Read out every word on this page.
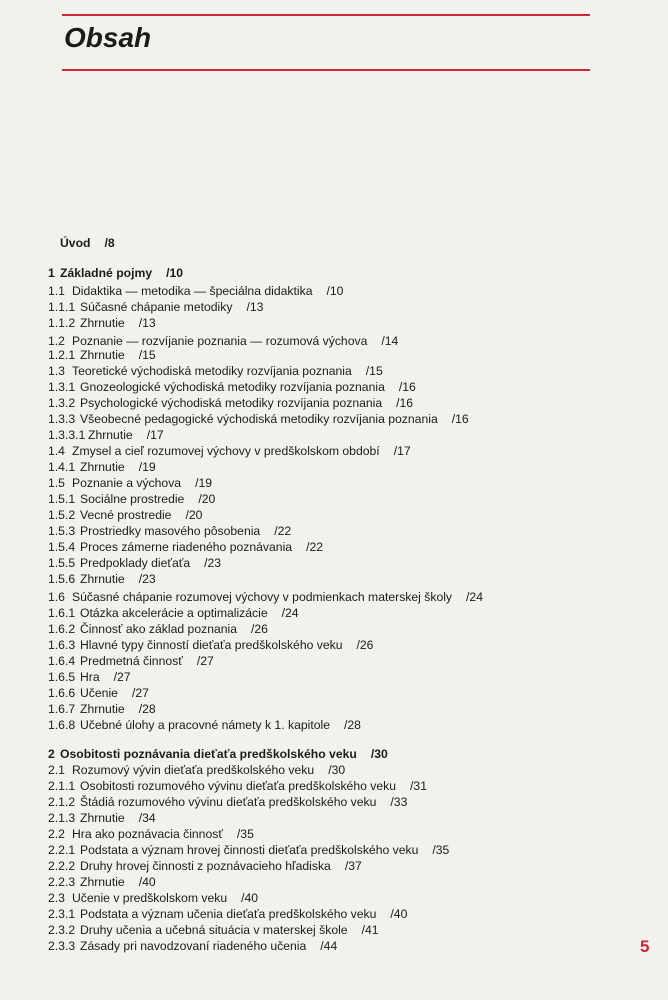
Obsah
Úvod /8
1 Základné pojmy /10
1.1 Didaktika — metodika — špeciálna didaktika /10
1.1.1 Súčasné chápanie metodiky /13
1.1.2 Zhrnutie /13
1.2 Poznanie — rozvíjanie poznania — rozumová výchova /14
1.2.1 Zhrnutie /15
1.3 Teoretické východiská metodiky rozvíjania poznania /15
1.3.1 Gnozeologické východiská metodiky rozvíjania poznania /16
1.3.2 Psychologické východiská metodiky rozvíjania poznania /16
1.3.3 Všeobecné pedagogické východiská metodiky rozvíjania poznania /16
1.3.3.1 Zhrnutie /17
1.4 Zmysel a cieľ rozumovej výchovy v predškolskom období /17
1.4.1 Zhrnutie /19
1.5 Poznanie a výchova /19
1.5.1 Sociálne prostredie /20
1.5.2 Vecné prostredie /20
1.5.3 Prostriedky masového pôsobenia /22
1.5.4 Proces zámerne riadeného poznávania /22
1.5.5 Predpoklady dieťaťa /23
1.5.6 Zhrnutie /23
1.6 Súčasné chápanie rozumovej výchovy v podmienkach materskej školy /24
1.6.1 Otázka akcelerácie a optimalizácie /24
1.6.2 Činnosť ako základ poznania /26
1.6.3 Hlavné typy činností dieťaťa predškolského veku /26
1.6.4 Predmetná činnosť /27
1.6.5 Hra /27
1.6.6 Učenie /27
1.6.7 Zhrnutie /28
1.6.8 Učebné úlohy a pracovné námety k 1. kapitole /28
2 Osobitosti poznávania dieťaťa predškolského veku /30
2.1 Rozumový vývin dieťaťa predškolského veku /30
2.1.1 Osobitosti rozumového vývinu dieťaťa predškolského veku /31
2.1.2 Štádiá rozumového vývinu dieťaťa predškolského veku /33
2.1.3 Zhrnutie /34
2.2 Hra ako poznávacia činnosť /35
2.2.1 Podstata a význam hrovej činnosti dieťaťa predškolského veku /35
2.2.2 Druhy hrovej činnosti z poznávacieho hľadiska /37
2.2.3 Zhrnutie /40
2.3 Učenie v predškolskom veku /40
2.3.1 Podstata a význam učenia dieťaťa predškolského veku /40
2.3.2 Druhy učenia a učebná situácia v materskej škole /41
2.3.3 Zásady pri navodzovaní riadeného učenia /44	5
